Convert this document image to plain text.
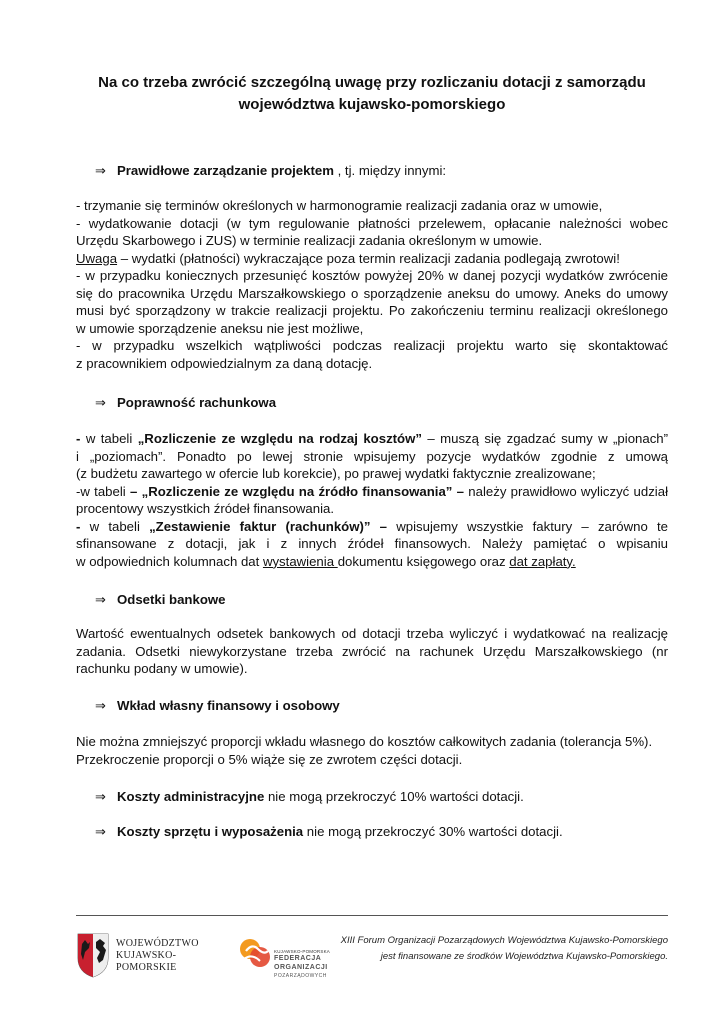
Na co trzeba zwrócić szczególną uwagę przy rozliczaniu dotacji z samorządu
województwa kujawsko-pomorskiego
⇒ Prawidłowe zarządzanie projektem , tj. między innymi:
- trzymanie się terminów określonych w harmonogramie realizacji zadania oraz w umowie,
- wydatkowanie dotacji (w tym regulowanie płatności przelewem, opłacanie należności wobec
Urzędu Skarbowego i ZUS) w terminie realizacji zadania określonym w umowie.
Uwaga – wydatki (płatności) wykraczające poza termin realizacji zadania podlegają zwrotowi!
- w przypadku koniecznych przesunięć kosztów powyżej 20% w danej pozycji wydatków zwrócenie
się do pracownika Urzędu Marszałkowskiego o sporządzenie aneksu do umowy. Aneks do umowy
musi być sporządzony w trakcie realizacji projektu. Po zakończeniu terminu realizacji określonego
w umowie sporządzenie aneksu nie jest możliwe,
- w przypadku wszelkich wątpliwości podczas realizacji projektu warto się skontaktować
z pracownikiem odpowiedzialnym za daną dotację.
⇒ Poprawność rachunkowa
- w tabeli „Rozliczenie ze względu na rodzaj kosztów” – muszą się zgadzać sumy w „pionach”
i „poziomach”. Ponadto po lewej stronie wpisujemy pozycje wydatków zgodnie z umową
(z budżetu zawartego w ofercie lub korekcie), po prawej wydatki faktycznie zrealizowane;
-w tabeli – „Rozliczenie ze względu na źródło finansowania” – należy prawidłowo wyliczyć udział
procentowy wszystkich źródeł finansowania.
- w tabeli „Zestawienie faktur (rachunków)” – wpisujemy wszystkie faktury – zarówno te
sfinansowane z dotacji, jak i z innych źródeł finansowych. Należy pamiętać o wpisaniu
w odpowiednich kolumnach dat wystawienia dokumentu księgowego oraz dat zapłaty.
⇒ Odsetki bankowe
Wartość ewentualnych odsetek bankowych od dotacji trzeba wyliczyć i wydatkować na realizację
zadania. Odsetki niewykorzystane trzeba zwrócić na rachunek Urzędu Marszałkowskiego (nr
rachunku podany w umowie).
⇒ Wkład własny finansowy i osobowy
Nie można zmniejszyć proporcji wkładu własnego do kosztów całkowitych zadania (tolerancja 5%).
Przekroczenie proporcji o 5% wiąże się ze zwrotem części dotacji.
⇒ Koszty administracyjne nie mogą przekroczyć 10% wartości dotacji.
⇒ Koszty sprzętu i wyposażenia nie mogą przekroczyć 30% wartości dotacji.
WOJEWÓDZTWO
KUJAWSKO-POMORSKIE
KUJAWSKO-POMORSKA
FEDERACJA
ORGANIZACJI
POZARZĄDOWYCH
XIII Forum Organizacji Pozarządowych Województwa Kujawsko-Pomorskiego
jest finansowane ze środków Województwa Kujawsko-Pomorskiego.
